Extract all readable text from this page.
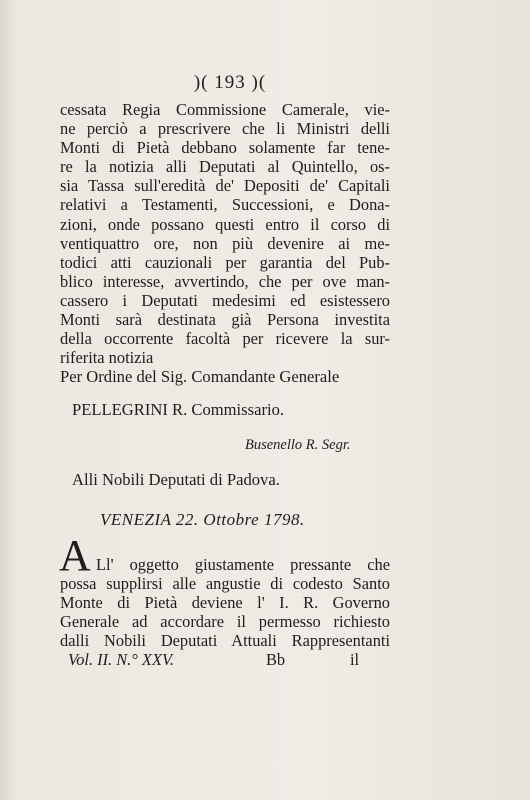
)( 193 )(
cessata Regia Commissione Camerale, vie-
ne perciò a prescrivere che li Ministri delli
Monti di Pietà debbano solamente far tene-
re la notizia alli Deputati al Quintello, os-
sia Tassa sull'eredità de' Depositi de' Capitali
relativi a Testamenti, Successioni, e Dona-
zioni, onde possano questi entro il corso di
ventiquattro ore, non più devenire ai me-
todici atti cauzionali per garantia del Pub-
blico interesse, avvertindo, che per ove man-
cassero i Deputati medesimi ed esistessero
Monti sarà destinata già Persona investita
della occorrente facoltà per ricevere la sur-
riferita notizia
Per Ordine del Sig. Comandante Generale
PELLEGRINI R. Commissario.
Busenello R. Segr.
Alli Nobili Deputati di Padova.
VENEZIA 22. Ottobre 1798.
A Ll' oggetto giustamente pressante che
possa supplirsi alle angustie di codesto Santo
Monte di Pietà deviene l' I. R. Governo
Generale ad accordare il permesso richiesto
dalli Nobili Deputati Attuali Rappresentanti
Vol. II. N.° XXV.	Bb	il
